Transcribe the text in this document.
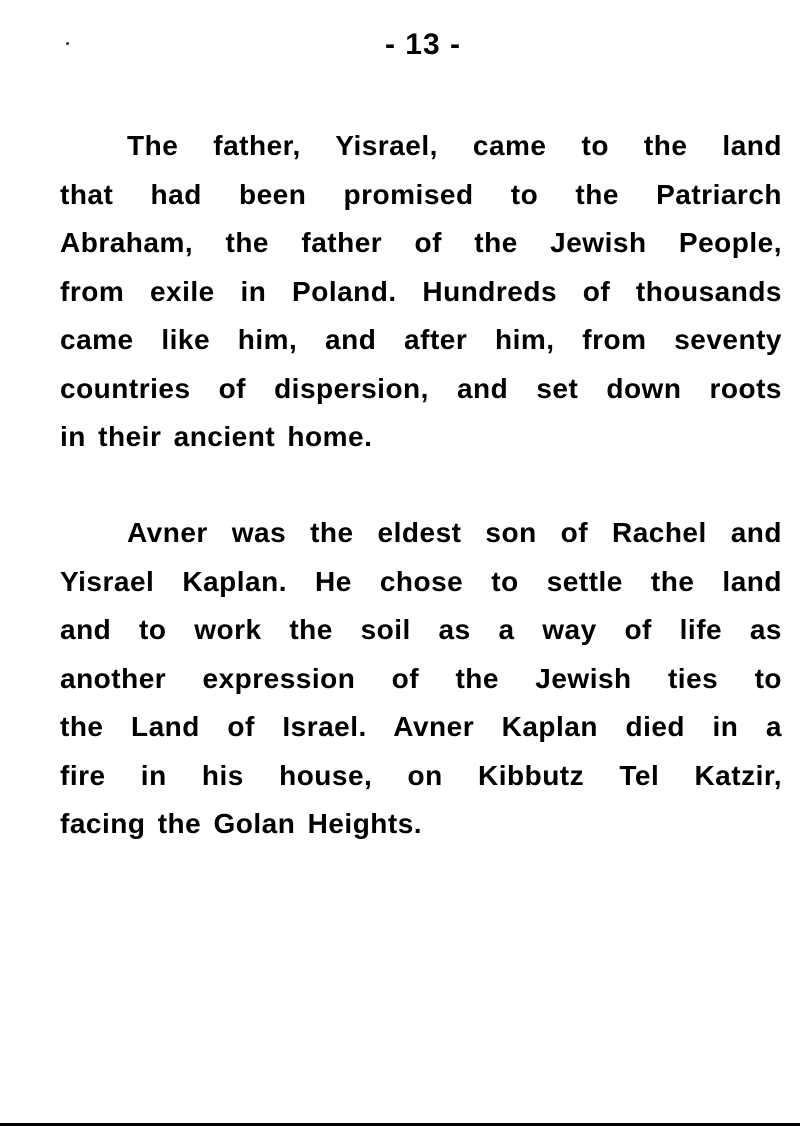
- 13 -

The father, Yisrael, came to the land
that had been promised to the Patriarch
Abraham, the father of the Jewish People,
from exile in Poland. Hundreds of thousands
came like him, and after him, from seventy
countries of dispersion, and set down roots
in their ancient home.

Avner was the eldest son of Rachel and
Yisrael Kaplan. He chose to settle the land
and to work the soil as a way of life as
another expression of the Jewish ties to
the Land of Israel. Avner Kaplan died in a
fire in his house, on Kibbutz Tel Katzir,
facing the Golan Heights.
